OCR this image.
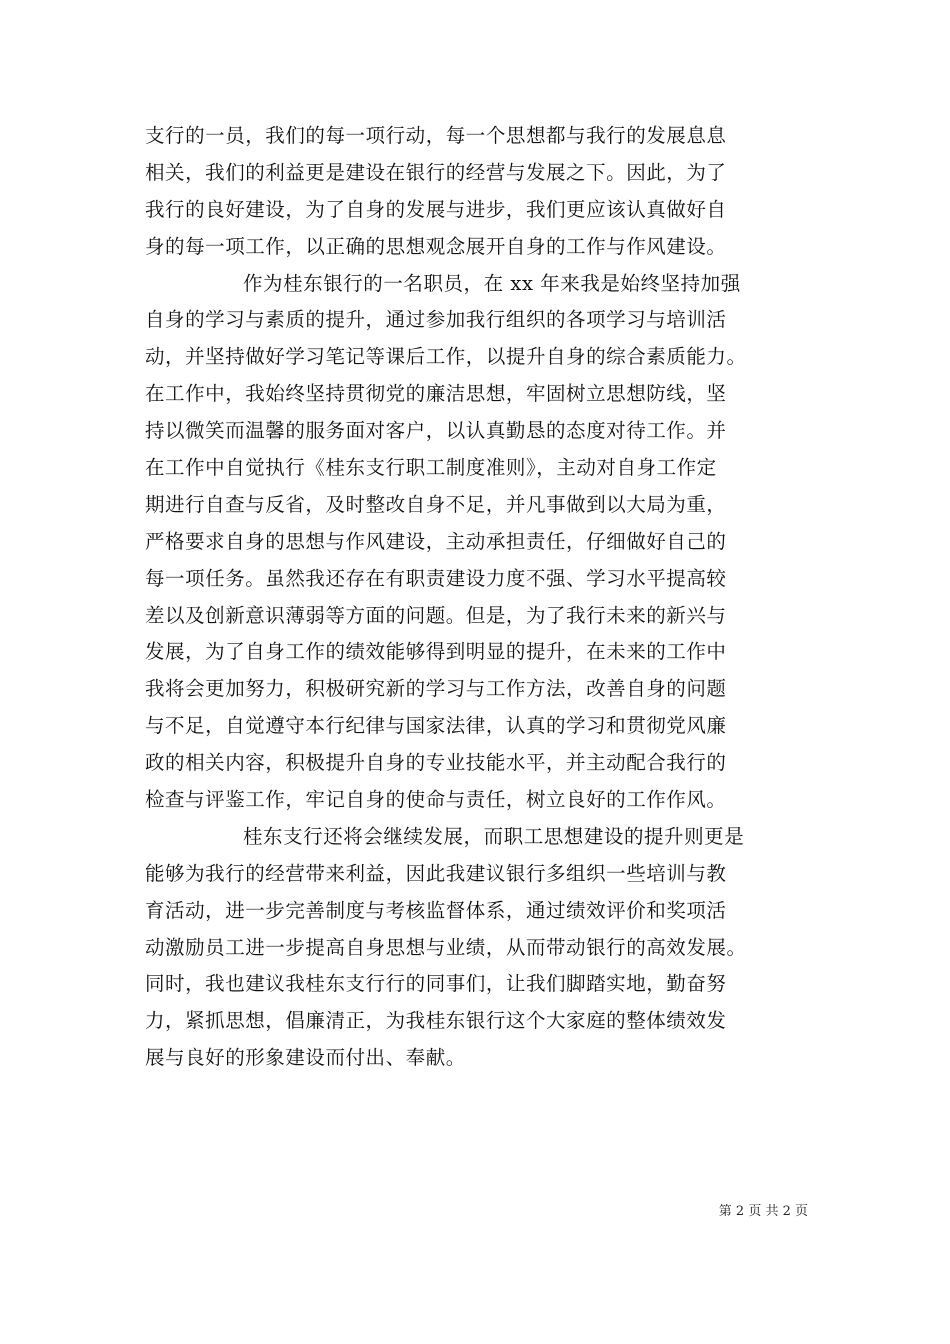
支行的一员，我们的每一项行动，每一个思想都与我行的发展息息
相关，我们的利益更是建设在银行的经营与发展之下。因此，为了
我行的良好建设，为了自身的发展与进步，我们更应该认真做好自
身的每一项工作，以正确的思想观念展开自身的工作与作风建设。
作为桂东银行的一名职员，在 xx 年来我是始终坚持加强
自身的学习与素质的提升，通过参加我行组织的各项学习与培训活
动，并坚持做好学习笔记等课后工作，以提升自身的综合素质能力。
在工作中，我始终坚持贯彻党的廉洁思想，牢固树立思想防线，坚
持以微笑而温馨的服务面对客户，以认真勤恳的态度对待工作。并
在工作中自觉执行《桂东支行职工制度准则》，主动对自身工作定
期进行自查与反省，及时整改自身不足，并凡事做到以大局为重，
严格要求自身的思想与作风建设，主动承担责任，仔细做好自己的
每一项任务。虽然我还存在有职责建设力度不强、学习水平提高较
差以及创新意识薄弱等方面的问题。但是，为了我行未来的新兴与
发展，为了自身工作的绩效能够得到明显的提升，在未来的工作中
我将会更加努力，积极研究新的学习与工作方法，改善自身的问题
与不足，自觉遵守本行纪律与国家法律，认真的学习和贯彻党风廉
政的相关内容，积极提升自身的专业技能水平，并主动配合我行的
检查与评鉴工作，牢记自身的使命与责任，树立良好的工作作风。
桂东支行还将会继续发展，而职工思想建设的提升则更是
能够为我行的经营带来利益，因此我建议银行多组织一些培训与教
育活动，进一步完善制度与考核监督体系，通过绩效评价和奖项活
动激励员工进一步提高自身思想与业绩，从而带动银行的高效发展。
同时，我也建议我桂东支行行的同事们，让我们脚踏实地，勤奋努
力，紧抓思想，倡廉清正，为我桂东银行这个大家庭的整体绩效发
展与良好的形象建设而付出、奉献。
第 2 页 共 2 页
